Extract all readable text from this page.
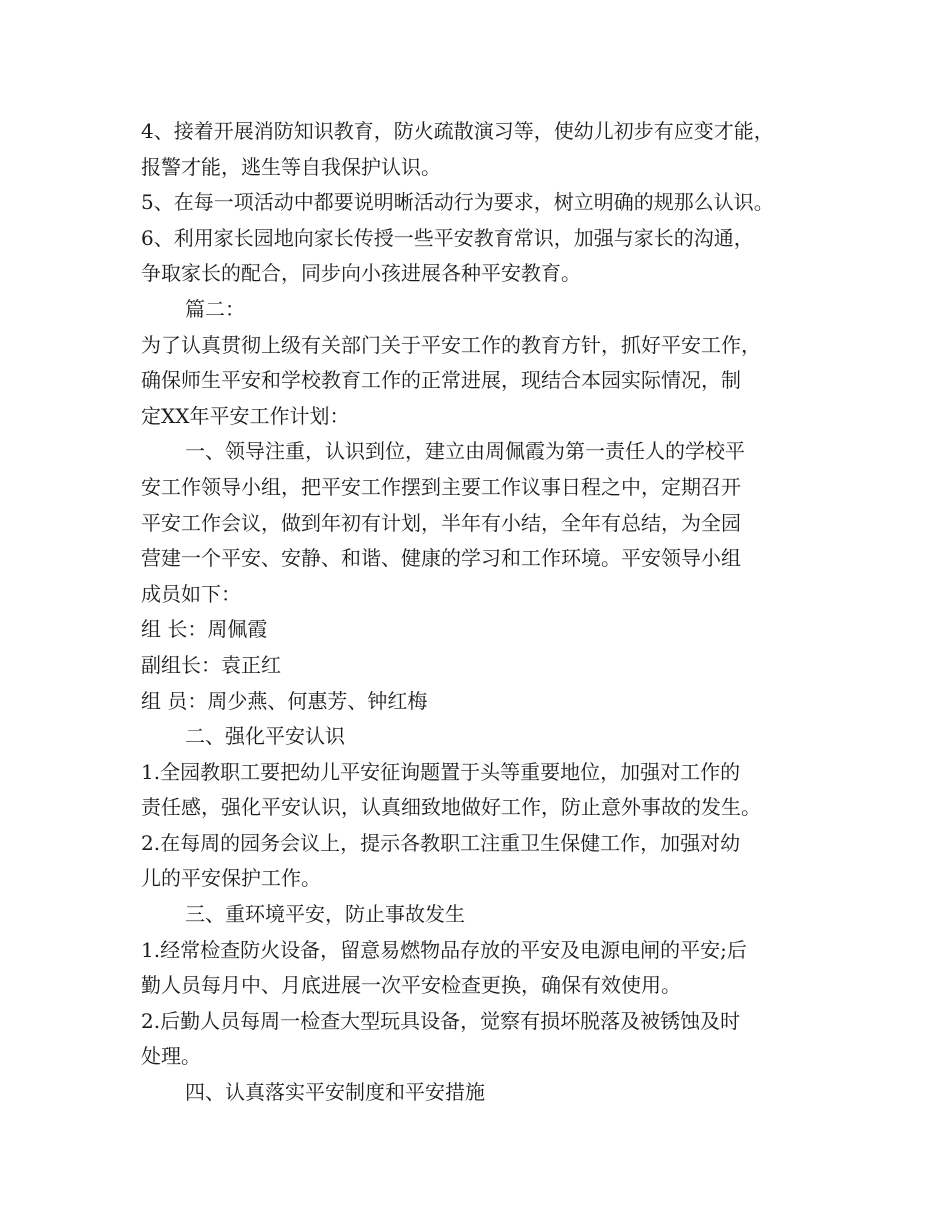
4、接着开展消防知识教育，防火疏散演习等，使幼儿初步有应变才能，
报警才能，逃生等自我保护认识。
5、在每一项活动中都要说明晰活动行为要求，树立明确的规那么认识。
6、利用家长园地向家长传授一些平安教育常识，加强与家长的沟通，
争取家长的配合，同步向小孩进展各种平安教育。
篇二：
为了认真贯彻上级有关部门关于平安工作的教育方针，抓好平安工作，
确保师生平安和学校教育工作的正常进展，现结合本园实际情况，制
定XX年平安工作计划：
一、领导注重，认识到位，建立由周佩霞为第一责任人的学校平
安工作领导小组，把平安工作摆到主要工作议事日程之中，定期召开
平安工作会议，做到年初有计划，半年有小结，全年有总结，为全园
营建一个平安、安静、和谐、健康的学习和工作环境。平安领导小组
成员如下：
组 长：周佩霞
副组长：袁正红
组 员：周少燕、何惠芳、钟红梅
二、强化平安认识
1.全园教职工要把幼儿平安征询题置于头等重要地位，加强对工作的
责任感，强化平安认识，认真细致地做好工作，防止意外事故的发生。
2.在每周的园务会议上，提示各教职工注重卫生保健工作，加强对幼
儿的平安保护工作。
三、重环境平安，防止事故发生
1.经常检查防火设备，留意易燃物品存放的平安及电源电闸的平安;后
勤人员每月中、月底进展一次平安检查更换，确保有效使用。
2.后勤人员每周一检查大型玩具设备，觉察有损坏脱落及被锈蚀及时
处理。
四、认真落实平安制度和平安措施
